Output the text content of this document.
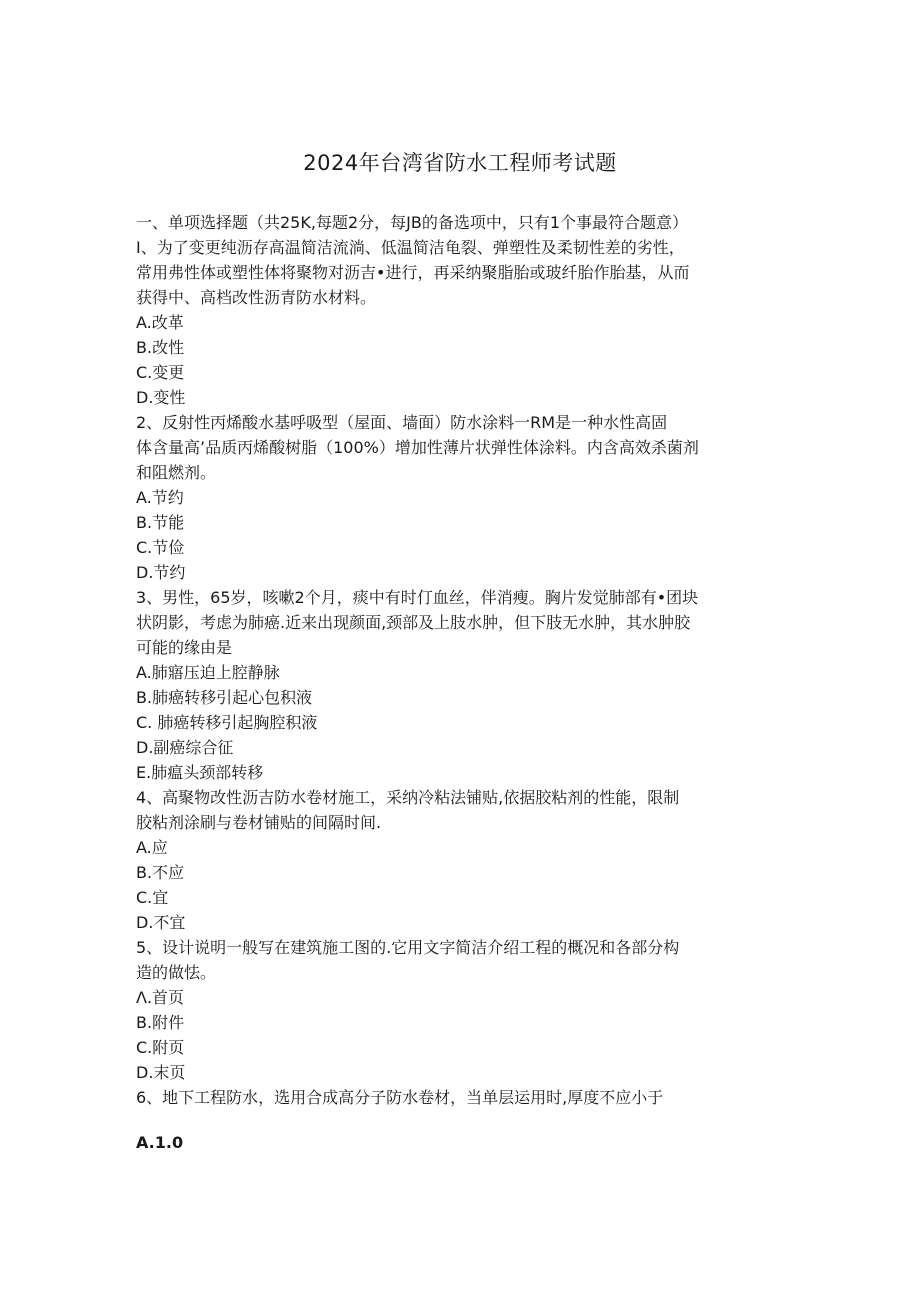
2024年台湾省防水工程师考试题
一、单项选择题（共25K,每题2分，每JB的备选项中，只有1个事最符合题意）
I、为了变更纯沥存高温简洁流淌、低温简洁龟裂、弹塑性及柔韧性差的劣性，
常用弗性体或塑性体将聚物对沥吉•进行，再采纳聚脂胎或玻纤胎作胎基，从而
获得中、高档改性沥青防水材料。
A.改革
B.改性
C.变更
D.变性
2、反射性丙烯酸水基呼吸型（屋面、墙面）防水涂料一RM是一种水性高固
体含量高’品质丙烯酸树脂（100%）增加性薄片状弹性体涂料。内含高效杀菌剂
和阻燃剂。
A.节约
B.节能
C.节俭
D.节约
3、男性，65岁，咳嗽2个月，痰中有时仃血丝，伴消瘦。胸片发觉肺部有•团块
状阴影，考虑为肺癌.近来出现颜面,颈部及上肢水肿，但下肢无水肿，其水肿胶
可能的缘由是
A.肺寤压迫上腔静脉
B.肺癌转移引起心包积液
C. 肺癌转移引起胸腔积液
D.副癌综合征
E.肺瘟头颈部转移
4、高聚物改性沥吉防水卷材施工，采纳冷粘法铺贴,依据胶粘剂的性能，限制
胶粘剂涂刷与卷材铺贴的间隔时间.
A.应
B.不应
C.宜
D.不宜
5、设计说明一般写在建筑施工图的.它用文字简洁介绍工程的概况和各部分构
造的做怯。
Λ.首页
B.附件
C.附页
D.末页
6、地下工程防水，选用合成高分子防水卷材，当单层运用时,厚度不应小于
A.1.0
